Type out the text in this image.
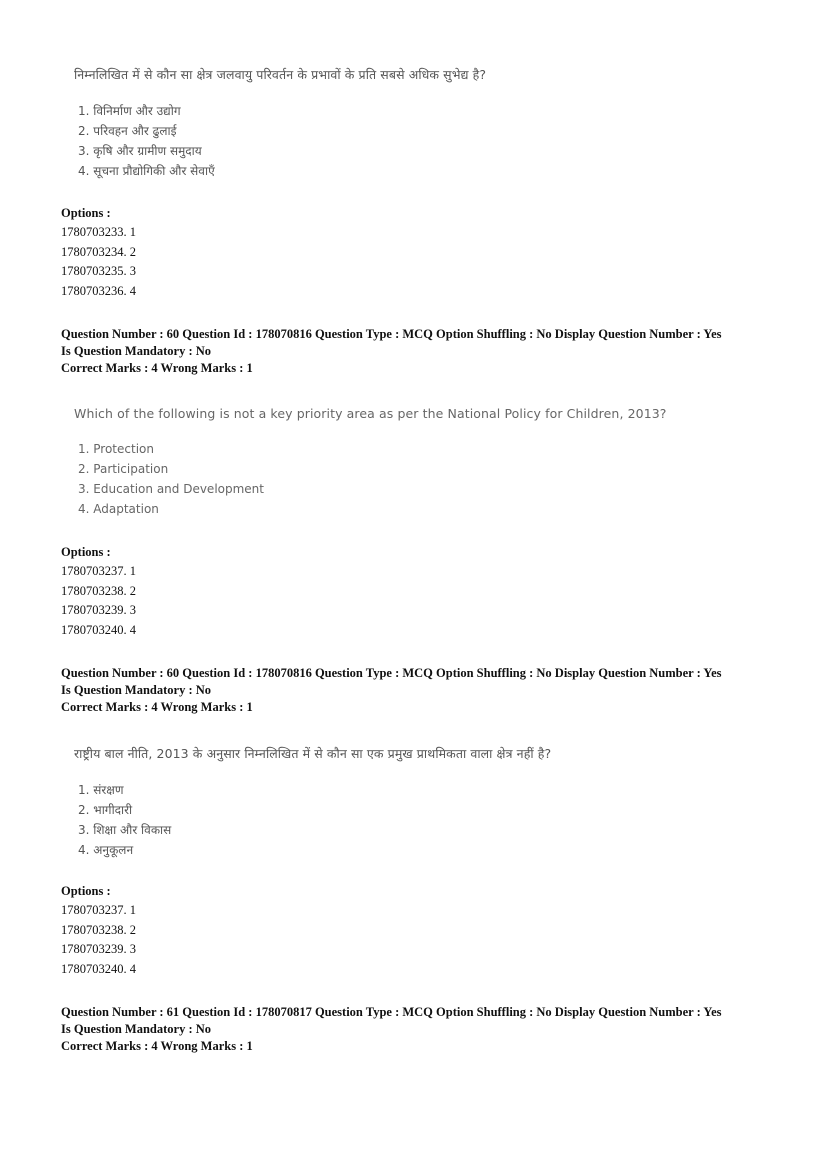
निम्नलिखित में से कौन सा क्षेत्र जलवायु परिवर्तन के प्रभावों के प्रति सबसे अधिक सुभेद्य है?

1. विनिर्माण और उद्योग
2. परिवहन और ढुलाई
3. कृषि और ग्रामीण समुदाय
4. सूचना प्रौद्योगिकी और सेवाएँ
Options :
1780703233. 1
1780703234. 2
1780703235. 3
1780703236. 4
Question Number : 60 Question Id : 178070816 Question Type : MCQ Option Shuffling : No Display Question Number : Yes
Is Question Mandatory : No
Correct Marks : 4 Wrong Marks : 1

Which of the following is not a key priority area as per the National Policy for Children, 2013?

1. Protection
2. Participation
3. Education and Development
4. Adaptation
Options :
1780703237. 1
1780703238. 2
1780703239. 3
1780703240. 4
Question Number : 60 Question Id : 178070816 Question Type : MCQ Option Shuffling : No Display Question Number : Yes
Is Question Mandatory : No
Correct Marks : 4 Wrong Marks : 1

राष्ट्रीय बाल नीति, 2013 के अनुसार निम्नलिखित में से कौन सा एक प्रमुख प्राथमिकता वाला क्षेत्र नहीं है?

1. संरक्षण
2. भागीदारी
3. शिक्षा और विकास
4. अनुकूलन
Options :
1780703237. 1
1780703238. 2
1780703239. 3
1780703240. 4
Question Number : 61 Question Id : 178070817 Question Type : MCQ Option Shuffling : No Display Question Number : Yes
Is Question Mandatory : No
Correct Marks : 4 Wrong Marks : 1
